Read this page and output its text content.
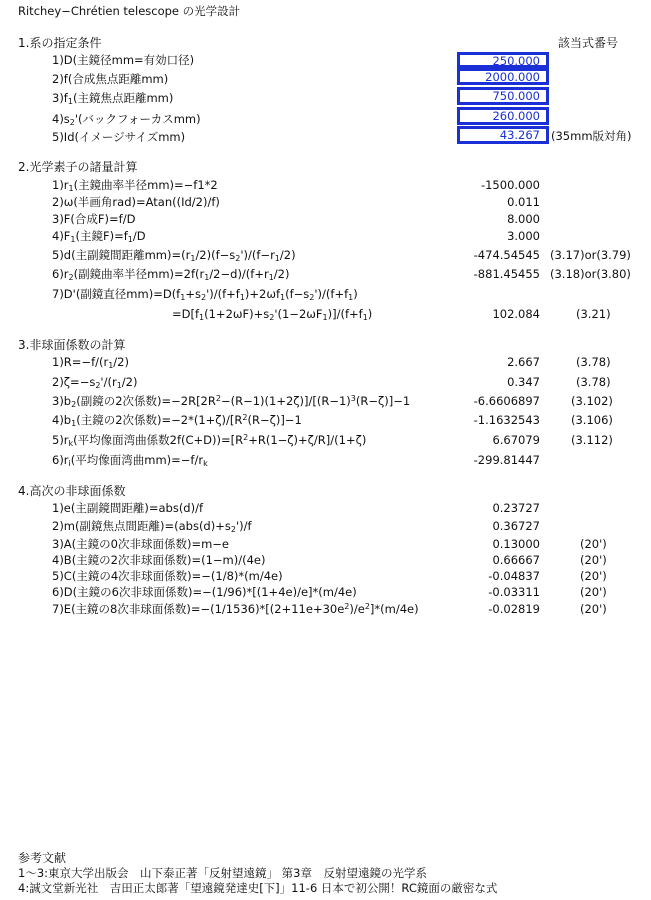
Ritchey−Chrétien telescope の光学設計
1.系の指定条件	該当式番号
1)D(主鏡径mm=有効口径)	250.000
2)f(合成焦点距離mm)	2000.000
$3)f_1$(主鏡焦点距離mm)	750.000
$4)s_2'$(バックフォーカスmm)	260.000
5)Id(イメージサイズmm)	43.267 (35mm版対角)
2.光学素子の諸量計算
$1)r_1$(主鏡曲率半径mm)=−f1*2	-1500.000
2)ω(半画角rad)=Atan((Id/2)/f)	0.011
3)F(合成F)=f/D	8.000
$4)F_1$(主鏡$F)=f_1/D$	3.000
5)d(主副鏡間距離$mm)=(r_1/2)(f-s_2')/(f-r_1/2)$	-474.54545 (3.17)or(3.79)
$6)r_2$(副鏡曲率半径$mm)=2f(r_1/2-d)/(f+r_1/2)$	-881.45455 (3.18)or(3.80)
7)D'(副鏡直径$mm)=D(f_1+s_2')/(f+f_1)+2\omega f_1(f-s_2')/(f+f_1)$
$=D[f_1(1+2\omega F)+s_2'(1-2\omega F_1)]/(f+f_1)$	102.084	(3.21)
3.非球面係数の計算
$1)R=-f/(r_1/2)$	2.667	(3.78)
$2)\zeta=-s_2'/(r_1/2)$	0.347	(3.78)
$3)b_2$(副鏡の2次係数)$=-2R[2R^2-(R-1)(1+2\zeta)]/[(R-1)^3(R-\zeta)]-1$	-6.6606897	(3.102)
$4)b_1$(主鏡の2次係数)$=-2*(1+\zeta)/[R^2(R-\zeta)]-1$	-1.1632543	(3.106)
$5)r_k$(平均像面湾曲係数$2f(C+D))=[R^2+R(1-\zeta)+\zeta/R]/(1+\zeta)$	6.67079	(3.112)
$6)r_i$(平均像面湾曲$mm)=-f/r_k$	-299.81447
4.高次の非球面係数
1)e(主副鏡間距離)=abs(d)/f	0.23727
2)m(副鏡焦点間距離)$=(abs(d)+s_2')/f$	0.36727
3)A(主鏡の0次非球面係数)=m−e	0.13000	(20')
4)B(主鏡の2次非球面係数)=(1−m)/(4e)	0.66667	(20')
5)C(主鏡の4次非球面係数)=−(1/8)*(m/4e)	-0.04837	(20')
6)D(主鏡の6次非球面係数)=−(1/96)*[(1+4e)/e]*(m/4e)	-0.03311	(20')
7)E(主鏡の8次非球面係数)$=-(1/1536)*[(2+11e+30e^2)/e^2]*(m/4e)$	-0.02819	(20')
参考文献
1〜3:東京大学出版会　山下泰正著「反射望遠鏡」 第3章　反射望遠鏡の光学系
4:誠文堂新光社　吉田正太郎著「望遠鏡発達史[下]」11-6 日本で初公開！RC鏡面の厳密な式
